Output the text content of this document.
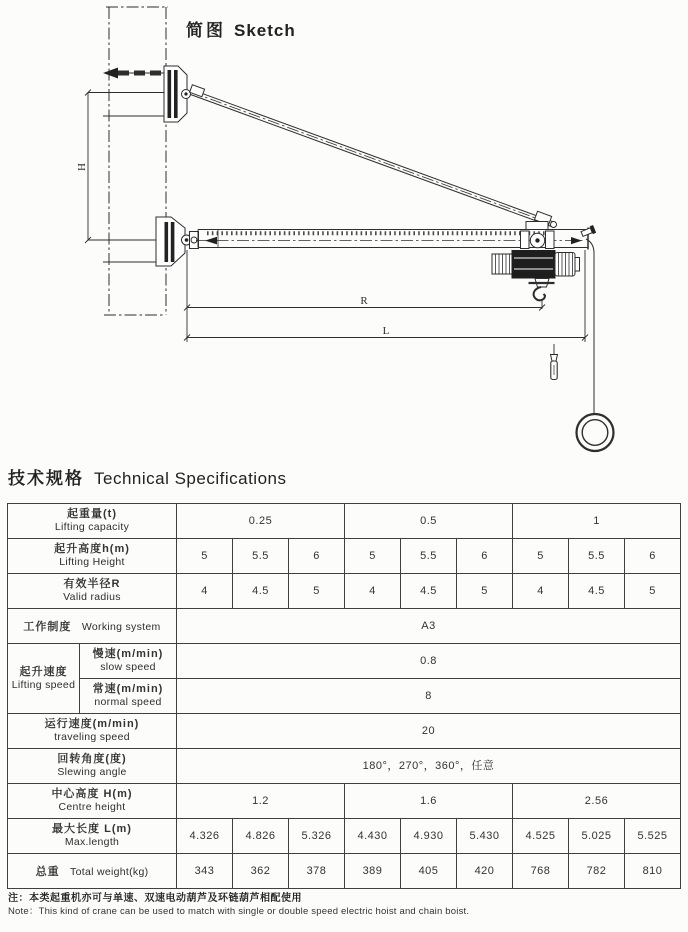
H
R
L
简图 Sketch
技术规格 Technical Specifications
起重量(t)
Lifting capacity		0.25			0.5			1		

起升高度h(m)
Lifting Height		5	5.5	6	5	5.5	6	5	5.5	6

有效半径R
Valid radius		4	4.5	5	4	4.5	5	4	4.5	5
工作制度 Working system		A3								

起升速度
Lifting speed	慢速(m/min)
slow speed	0.8								

	常速(m/min)
normal speed	8								

运行速度(m/min)
traveling speed		20								

回转角度(度)
Slewing angle		180°，270°，360°，任意								

中心高度 H(m)
Centre height		1.2			1.6			2.56		

最大长度 L(m)
Max.length		4.326	4.826	5.326	4.430	4.930	5.430	4.525	5.025	5.525
总重 Total weight(kg)		343	362	378	389	405	420	768	782	810
注：本类起重机亦可与单速、双速电动葫芦及环链葫芦相配使用
Note：This kind of crane can be used to match with single or double speed electric hoist and chain boist.
